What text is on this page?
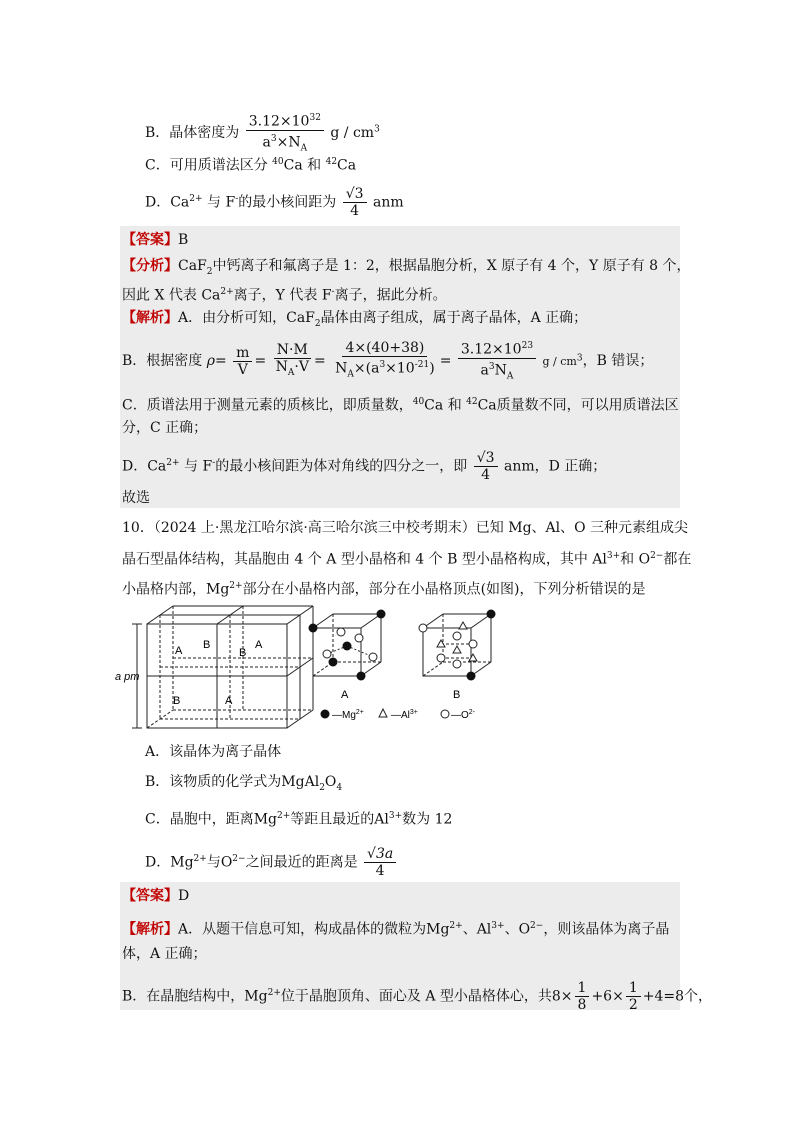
B．晶体密度为 $\frac{3.12\times 10^{32}}{a^3\times N_A}$ g / $cm^3$
C．可用质谱法区分 $^{40}$Ca 和 $^{42}$Ca
D．$Ca^{2+}$ 与 F-的最小核间距为 $\frac{√3}{4}$ anm
【答案】B
【分析】CaF$_2$中钙离子和氟离子是 1：2，根据晶胞分析，X 原子有 4 个，Y 原子有 8 个，
因此 X 代表 $Ca^{2+}$离子，Y 代表 F-离子，据此分析。
【解析】A．由分析可知，CaF$_2$晶体由离子组成，属于离子晶体，A 正确；
B．根据密度 $\rho= \frac{m}{V} = \frac{N\cdot M}{N_A\cdot V} = \frac{4\times(40+38)}{N_A\times(a^3\times 10^{-21})} = \frac{3.12\times 10^{23}}{a^3N_A}$ g / $cm^3$，B 错误；
C．质谱法用于测量元素的质核比，即质量数，$^{40}$Ca 和 $^{42}$Ca质量数不同，可以用质谱法区
分，C 正确；
D．$Ca^{2+}$ 与 F-的最小核间距为体对角线的四分之一，即 $\frac{√3}{4}$ anm，D 正确；
故选
10．（2024 上·黑龙江哈尔滨·高三哈尔滨三中校考期末）已知 Mg、Al、O 三种元素组成尖
晶石型晶体结构，其晶胞由 4 个 A 型小晶格和 4 个 B 型小晶格构成，其中 $Al^{3+}$和 $O^{2-}$都在
小晶格内部，$Mg^{2+}$部分在小晶格内部，部分在小晶格顶点(如图)，下列分析错误的是
a pm
A B	A
B	A
B
A	B
$—Mg^{2+}$	$—Al^{3+}$	$—O^{2-}$
A．该晶体为离子晶体
B．该物质的化学式为$MgAl_2O_4$
C．晶胞中，距离$Mg^{2+}$等距且最近的$Al^{3+}$数为 12
D．$Mg^{2+}$与$O^{2-}$之间最近的距离是 $\frac{√3a}{4}$
【答案】D
【解析】A．从题干信息可知，构成晶体的微粒为$Mg^{2+}$、$Al^{3+}$、$O^{2-}$，则该晶体为离子晶
体，A 正确；
B．在晶胞结构中，$Mg^{2+}$位于晶胞顶角、面心及 A 型小晶格体心，共$8\times \frac{1}{8} +6\times \frac{1}{2} +4=8$个，
